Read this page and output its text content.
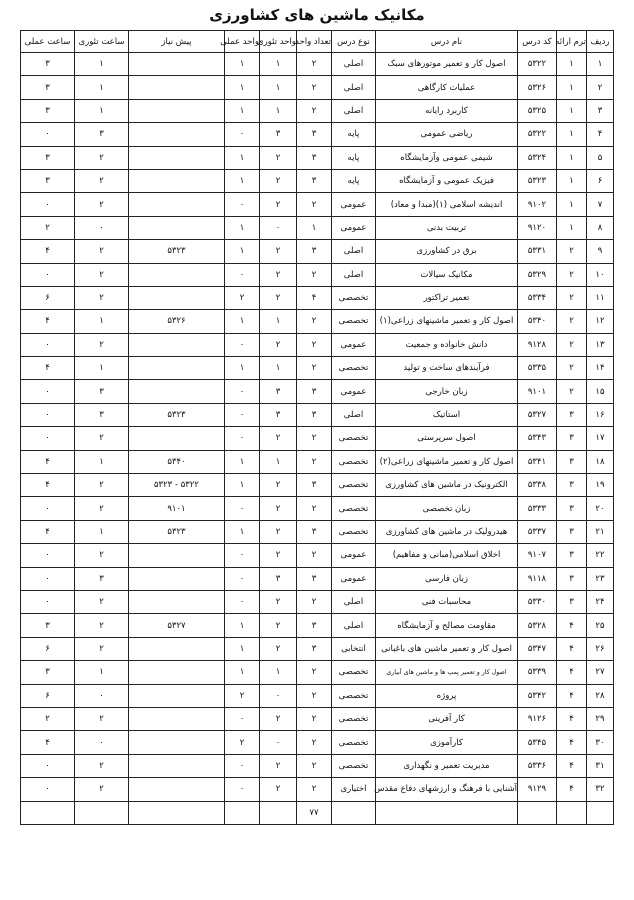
مکانیک ماشین های کشاورزی
ردیف	ترم ارائه	کد درس	نام درس	نوع درس	تعداد واحد	واحد تئوری	واحد عملی	پیش نیاز	ساعت تئوری	ساعت عملی
۱	۱	۵۳۲۲	اصول کار و تعمیر موتورهای سبک	اصلی	۲	۱	۱		۱	۳
۲	۱	۵۳۲۶	عملیات کارگاهی	اصلی	۲	۱	۱		۱	۳
۳	۱	۵۳۲۵	کاربرد رایانه	اصلی	۲	۱	۱		۱	۳
۴	۱	۵۳۲۲	ریاضی عمومی	پایه	۳	۳	۰		۳	۰
۵	۱	۵۳۲۴	شیمی عمومی وآزمایشگاه	پایه	۳	۲	۱		۲	۳
۶	۱	۵۳۲۳	فیزیک عمومی و آزمایشگاه	پایه	۳	۲	۱		۲	۳
۷	۱	۹۱۰۲	اندیشه اسلامی (۱)(مبدا و معاد)	عمومی	۲	۲	۰		۲	۰
۸	۱	۹۱۲۰	تربیت بدنی	عمومی	۱	۰	۱		۰	۲
۹	۲	۵۳۳۱	برق در کشاورزی	اصلی	۳	۲	۱	۵۳۲۳	۲	۴
۱۰	۲	۵۳۲۹	مکانیک سیالات	اصلی	۲	۲	۰		۲	۰
۱۱	۲	۵۳۳۴	تعمیر تراکتور	تخصصی	۴	۲	۲		۲	۶
۱۲	۲	۵۳۴۰	اصول کار و تعمیر ماشینهای زراعی(۱)	تخصصی	۲	۱	۱	۵۳۲۶	۱	۴
۱۳	۲	۹۱۲۸	دانش خانواده و جمعیت	عمومی	۲	۲	۰		۲	۰
۱۴	۲	۵۳۳۵	فرآیندهای ساخت و تولید	تخصصی	۲	۱	۱		۱	۴
۱۵	۲	۹۱۰۱	زبان خارجی	عمومی	۳	۳	۰		۳	۰
۱۶	۳	۵۳۲۷	استاتیک	اصلی	۳	۳	۰	۵۳۲۳	۳	۰
۱۷	۳	۵۳۴۳	اصول سرپرستی	تخصصی	۲	۲	۰		۲	۰
۱۸	۳	۵۳۴۱	اصول کار و تعمیر ماشینهای زراعی(۲)	تخصصی	۲	۱	۱	۵۳۴۰	۱	۴
۱۹	۳	۵۳۳۸	الکترونیک در ماشین های کشاورزی	تخصصی	۳	۲	۱	۵۳۲۲ - ۵۳۲۳	۲	۴
۲۰	۳	۵۳۳۳	زبان تخصصی	تخصصی	۲	۲	۰	۹۱۰۱	۲	۰
۲۱	۳	۵۳۳۷	هیدرولیک در ماشین های کشاورزی	تخصصی	۳	۲	۱	۵۳۲۳	۱	۴
۲۲	۳	۹۱۰۷	اخلاق اسلامی(مبانی و مفاهیم)	عمومی	۲	۲	۰		۲	۰
۲۳	۳	۹۱۱۸	زبان فارسی	عمومی	۳	۳	۰		۳	۰
۲۴	۳	۵۳۳۰	محاسبات فنی	اصلی	۲	۲	۰		۲	۰
۲۵	۴	۵۳۲۸	مقاومت مصالح و آزمایشگاه	اصلی	۳	۲	۱	۵۳۲۷	۲	۳
۲۶	۴	۵۳۴۷	اصول کار و تعمیر ماشین های باغبانی	انتخابی	۳	۲	۱		۲	۶
۲۷	۴	۵۳۳۹	اصول کار و تعمیر پمپ ها و ماشین های آبیاری	تخصصی	۲	۱	۱		۱	۳
۲۸	۴	۵۳۴۲	پروژه	تخصصی	۲	۰	۲		۰	۶
۲۹	۴	۹۱۲۶	کار آفرینی	تخصصی	۲	۲	۰		۲	۲
۳۰	۴	۵۳۴۵	کارآموزی	تخصصی	۲	۰	۲		۰	۴
۳۱	۴	۵۳۳۶	مدیریت تعمیر و نگهداری	تخصصی	۲	۲	۰		۲	۰
۳۲	۴	۹۱۲۹	آشنایی با فرهنگ و ارزشهای دفاع مقدس	اختیاری	۲	۲	۰		۲	۰
					۷۷					
